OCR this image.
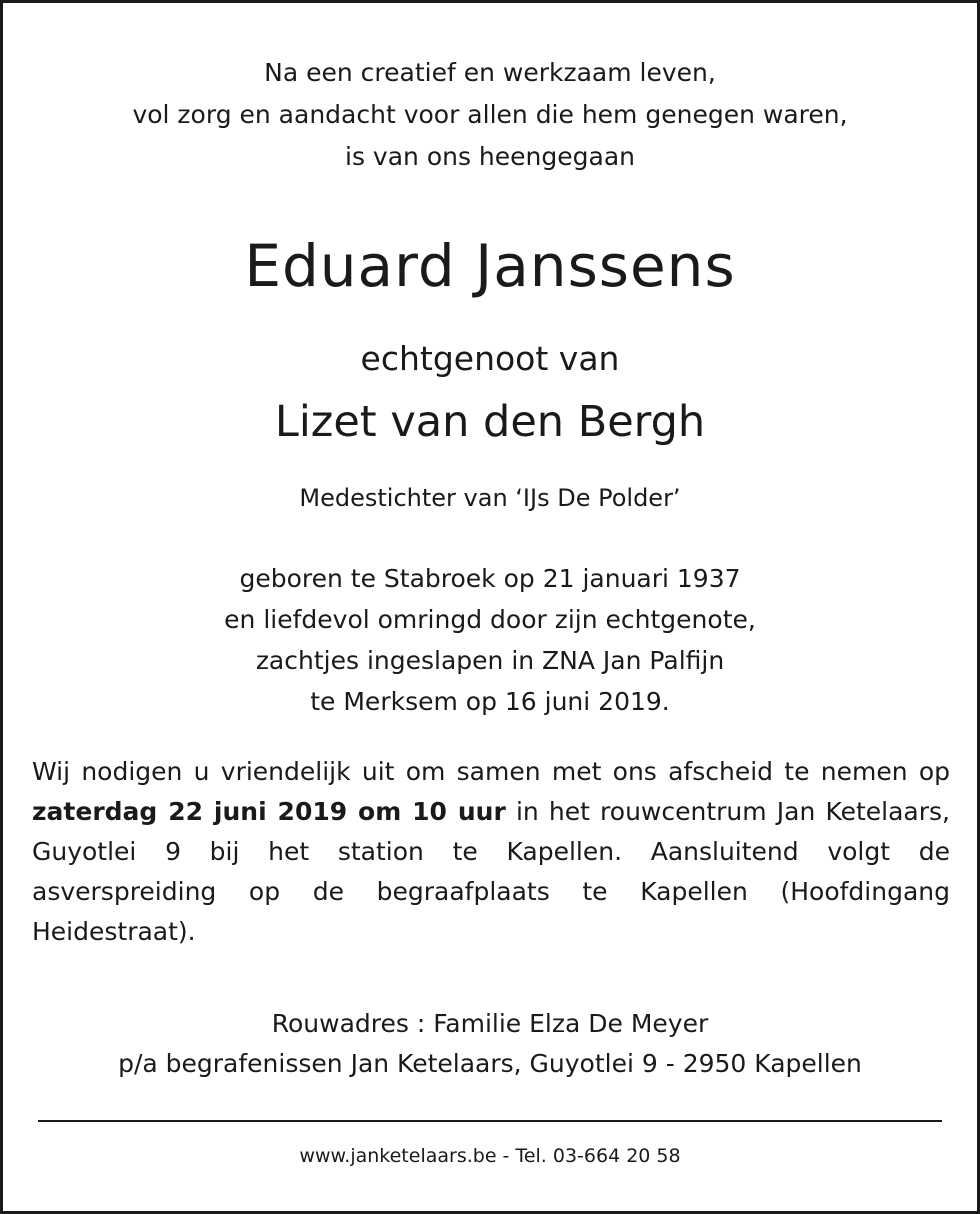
Na een creatief en werkzaam leven,
vol zorg en aandacht voor allen die hem genegen waren,
is van ons heengegaan

Eduard Janssens

echtgenoot van

Lizet van den Bergh

Medestichter van ‘IJs De Polder’

geboren te Stabroek op 21 januari 1937
en liefdevol omringd door zijn echtgenote,
zachtjes ingeslapen in ZNA Jan Palfijn
te Merksem op 16 juni 2019.

Wij nodigen u vriendelijk uit om samen met ons afscheid te nemen op zaterdag 22 juni 2019 om 10 uur in het rouwcentrum Jan Ketelaars, Guyotlei 9 bij het station te Kapellen. Aansluitend volgt de asverspreiding op de begraafplaats te Kapellen (Hoofdingang Heidestraat).

Rouwadres : Familie Elza De Meyer
p/a begrafenissen Jan Ketelaars, Guyotlei 9 - 2950 Kapellen

www.janketelaars.be - Tel. 03-664 20 58
